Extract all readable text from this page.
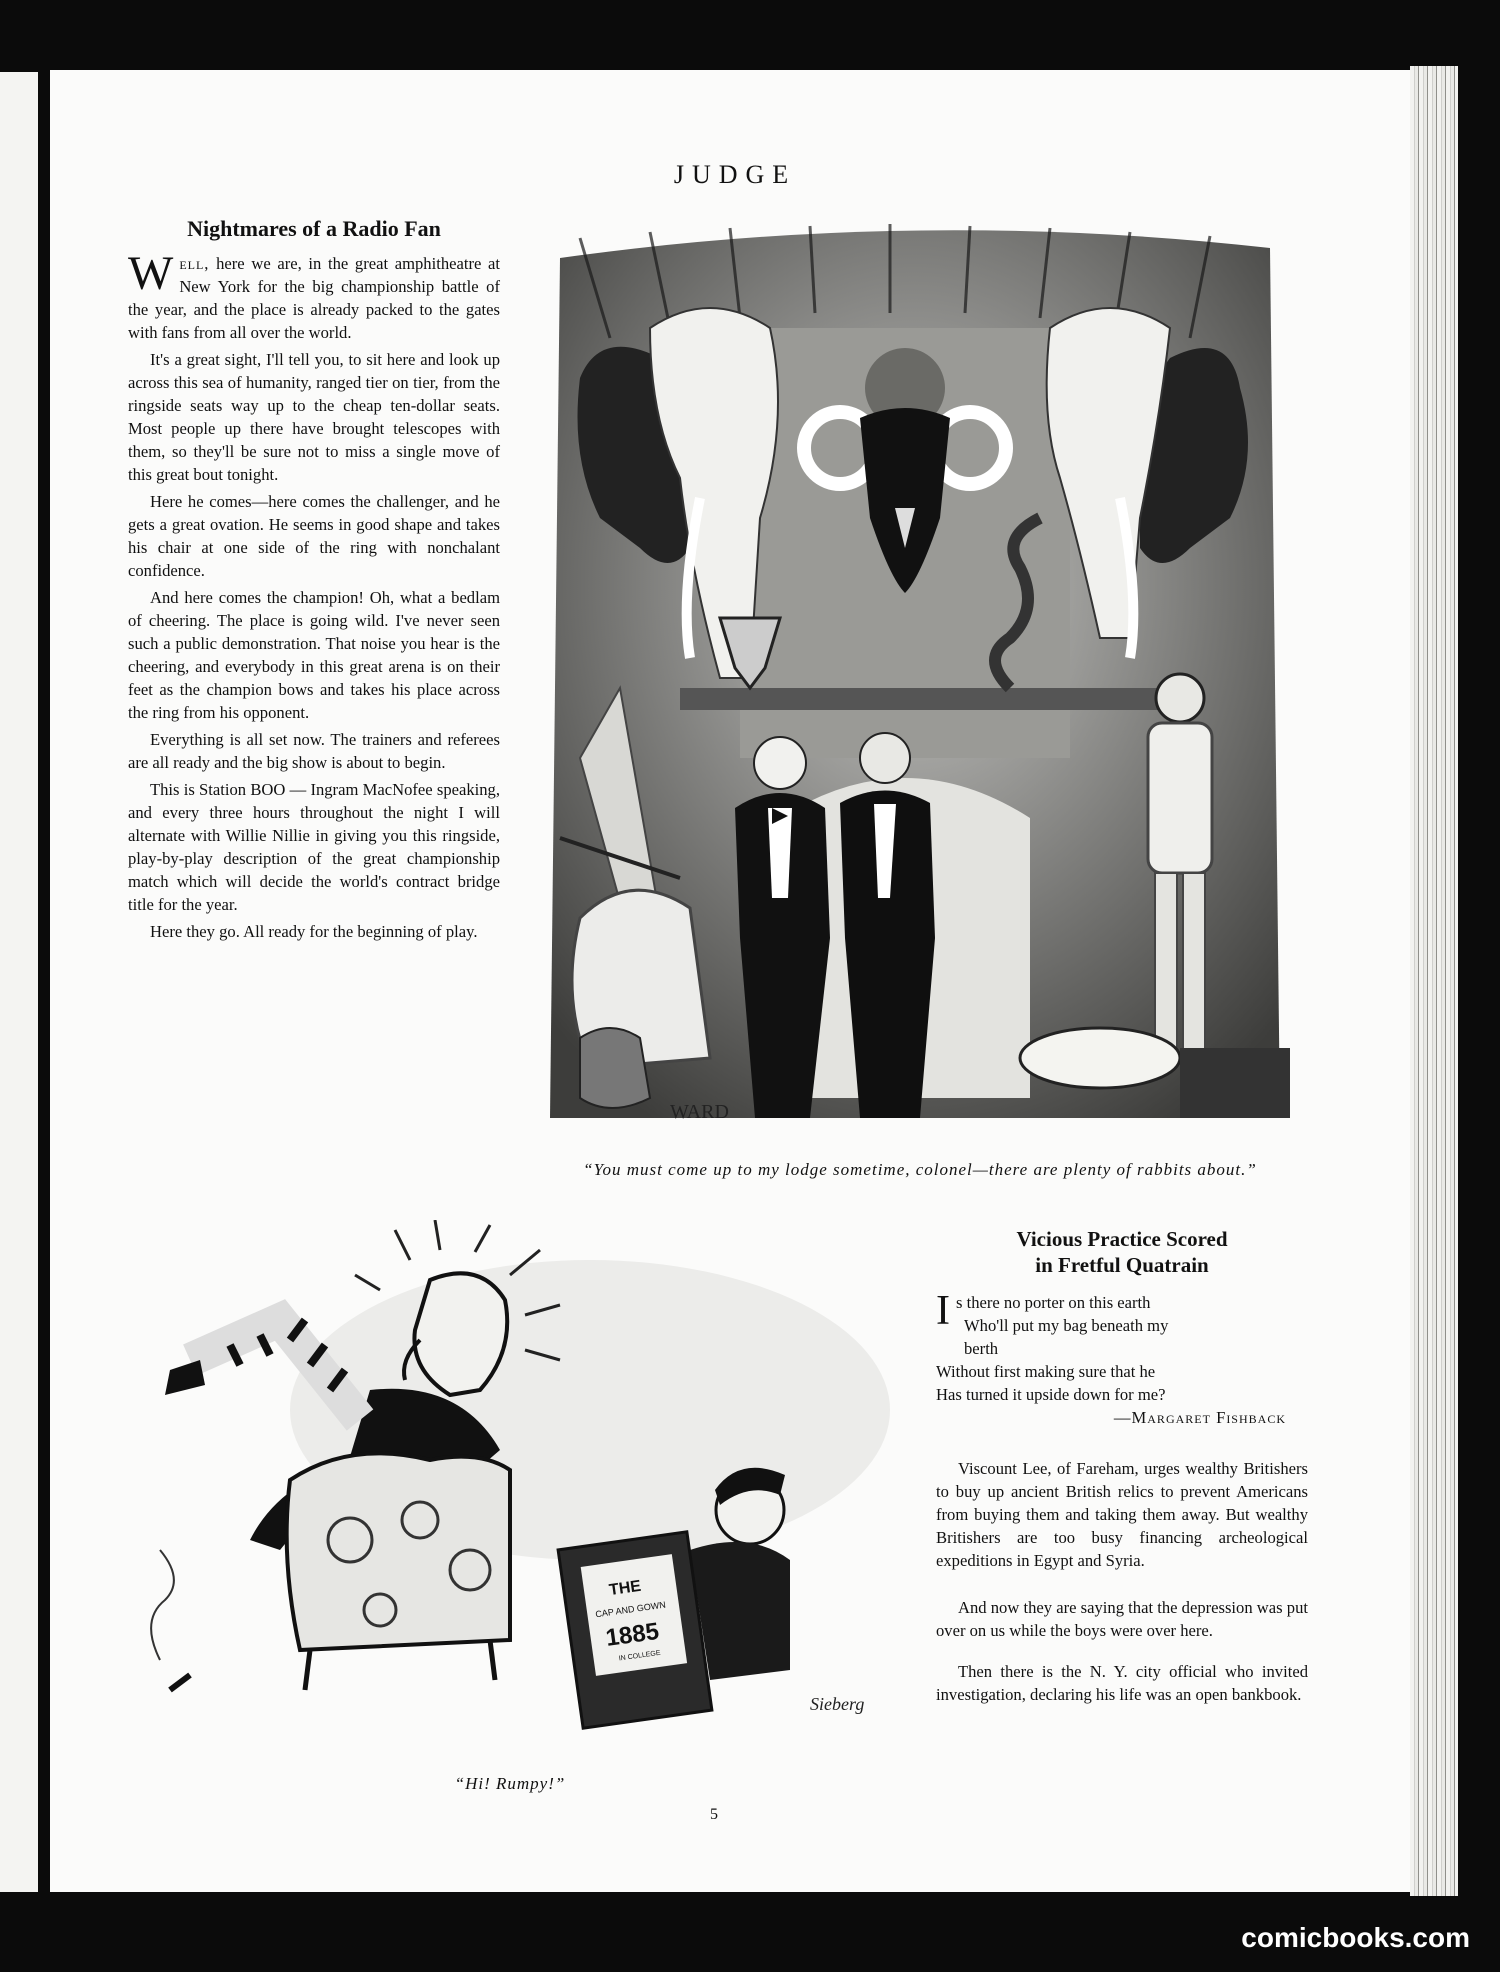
JUDGE
Nightmares of a Radio Fan

Well, here we are, in the great amphitheatre at New York for the big championship battle of the year, and the place is already packed to the gates with fans from all over the world.

It's a great sight, I'll tell you, to sit here and look up across this sea of humanity, ranged tier on tier, from the ringside seats way up to the cheap ten-dollar seats. Most people up there have brought telescopes with them, so they'll be sure not to miss a single move of this great bout tonight.

Here he comes—here comes the challenger, and he gets a great ovation. He seems in good shape and takes his chair at one side of the ring with nonchalant confidence.

And here comes the champion! Oh, what a bedlam of cheering. The place is going wild. I've never seen such a public demonstration. That noise you hear is the cheering, and everybody in this great arena is on their feet as the champion bows and takes his place across the ring from his opponent.

Everything is all set now. The trainers and referees are all ready and the big show is about to begin.

This is Station BOO — Ingram MacNofee speaking, and every three hours throughout the night I will alternate with Willie Nillie in giving you this ringside, play-by-play description of the great championship match which will decide the world's contract bridge title for the year.

Here they go. All ready for the beginning of play.

WARD
“You must come up to my lodge sometime, colonel—there are plenty of rabbits about.”
THE
CAP AND GOWN
1885
IN COLLEGE
Sieberg
“Hi! Rumpy!”
Vicious Practice Scored
in Fretful Quatrain
I s there no porter on this earth
Who'll put my bag beneath my
berth
Without first making sure that he
Has turned it upside down for me?
—Margaret Fishback

Viscount Lee, of Fareham, urges wealthy Britishers to buy up ancient British relics to prevent Americans from buying them and taking them away. But wealthy Britishers are too busy financing archeological expeditions in Egypt and Syria.

And now they are saying that the depression was put over on us while the boys were over here.

Then there is the N. Y. city official who invited investigation, declaring his life was an open bankbook.

5
comicbooks.com
